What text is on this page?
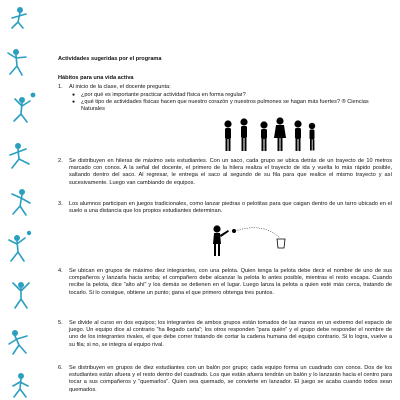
Actividades sugeridas por el programa
Hábitos para una vida activa
1. Al inicio de la clase, el docente pregunta:
● ¿por qué es importante practicar actividad física en forma regular?
● ¿qué tipo de actividades físicas hacen que nuestro corazón y nuestros pulmones se hagan más fuertes? ® Ciencias Naturales
2. Se distribuyen en hileras de máximo seis estudiantes. Con un saco, cada grupo se ubica detrás de un trayecto de 10 metros marcado con conos. A la señal del docente, el primero de la hilera realiza el trayecto de ida y vuelta lo más rápido posible, saltando dentro del saco. Al regresar, le entrega el saco al segundo de su fila para que realice el mismo trayecto y así sucesivamente. Luego van cambiando de equipos.
3. Los alumnos participan en juegos tradicionales, como lanzar piedras o pelotitas para que caigan dentro de un tarro ubicado en el suelo a una distancia que los propios estudiantes determinan.
4. Se ubican en grupos de máximo diez integrantes, con una pelota. Quien tenga la pelota debe decir el nombre de uno de sus compañeros y lanzarla hacia arriba; el compañero debe alcanzar la pelota lo antes posible, mientras el resto escapa. Cuando recibe la pelota, dice “alto ahí” y los demás se detienen en el lugar. Luego lanza la pelota a quien esté más cerca, tratando de tocarlo. Si lo consigue, obtiene un punto; gana el que primero obtenga tres puntos.
5. Se divide al curso en dos equipos; los integrantes de ambos grupos están tomados de las manos en un extremo del espacio de juego. Un equipo dice al contrario “ha llegado carta”; los otros responden “para quién” y el grupo debe responder el nombre de uno de los integrantes rivales, el que debe correr tratando de cortar la cadena humana del equipo contrario. Si lo logra, vuelve a su fila; si no, se integra al equipo rival.
6. Se distribuyen en grupos de diez estudiantes con un balón por grupo; cada equipo forma un cuadrado con conos. Dos de los estudiantes están afuera y el resto dentro del cuadrado. Los que están afuera tendrán un balón y lo lanzarán hacia el centro para tocar a sus compañeros y “quemarlos”. Quien sea quemado, se convierte en lanzador. El juego se acaba cuando todos sean quemados.
